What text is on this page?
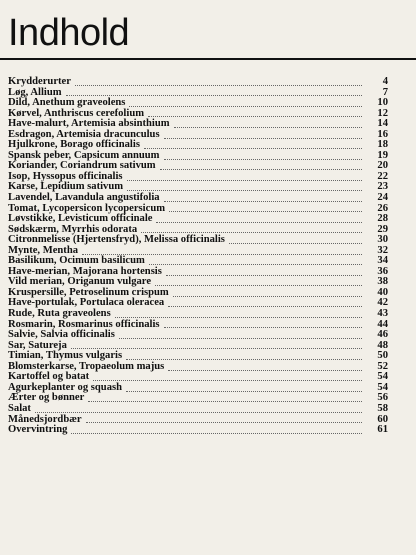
Indhold
Krydderurter	4
Løg, Allium	7
Dild, Anethum graveolens	10
Kørvel, Anthriscus cerefolium	12
Have-malurt, Artemisia absinthium	14
Esdragon, Artemisia dracunculus	16
Hjulkrone, Borago officinalis	18
Spansk peber, Capsicum annuum	19
Koriander, Coriandrum sativum	20
Isop, Hyssopus officinalis	22
Karse, Lepidium sativum	23
Lavendel, Lavandula angustifolia	24
Tomat, Lycopersicon lycopersicum	26
Løvstikke, Levisticum officinale	28
Sødskærm, Myrrhis odorata	29
Citronmelisse (Hjertensfryd), Melissa officinalis	30
Mynte, Mentha	32
Basilikum, Ocimum basilicum	34
Have-merian, Majorana hortensis	36
Vild merian, Origanum vulgare	38
Kruspersille, Petroselinum crispum	40
Have-portulak, Portulaca oleracea	42
Rude, Ruta graveolens	43
Rosmarin, Rosmarinus officinalis	44
Salvie, Salvia officinalis	46
Sar, Satureja	48
Timian, Thymus vulgaris	50
Blomsterkarse, Tropaeolum majus	52
Kartoffel og batat	54
Agurkeplanter og squash	54
Ærter og bønner	56
Salat	58
Månedsjordbær	60
Overvintring	61
